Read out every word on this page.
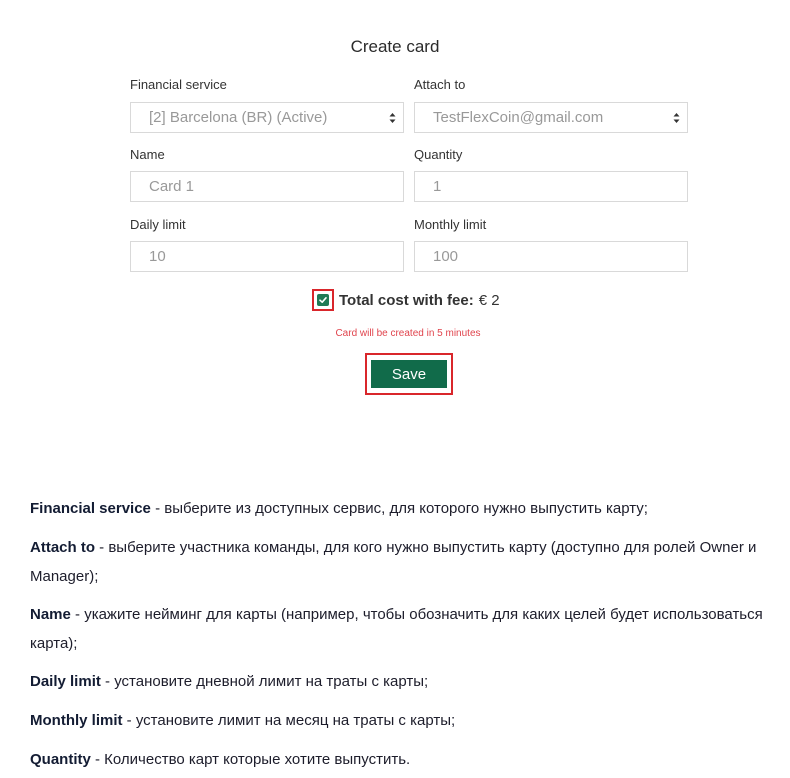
Create card
Financial service	Attach to
[2] Barcelona (BR) (Active)	TestFlexCoin@gmail.com
Name	Quantity
Card 1	1
Daily limit	Monthly limit
10	100
Total cost with fee: € 2
Card will be created in 5 minutes
Save
Financial service - выберите из доступных сервис, для которого нужно выпустить карту;
Attach to - выберите участника команды, для кого нужно выпустить карту (доступно для ролей Owner и Manager);
Name - укажите нейминг для карты (например, чтобы обозначить для каких целей будет использоваться карта);
Daily limit - установите дневной лимит на траты с карты;
Monthly limit - установите лимит на месяц на траты с карты;
Quantity - Количество карт которые хотите выпустить.
